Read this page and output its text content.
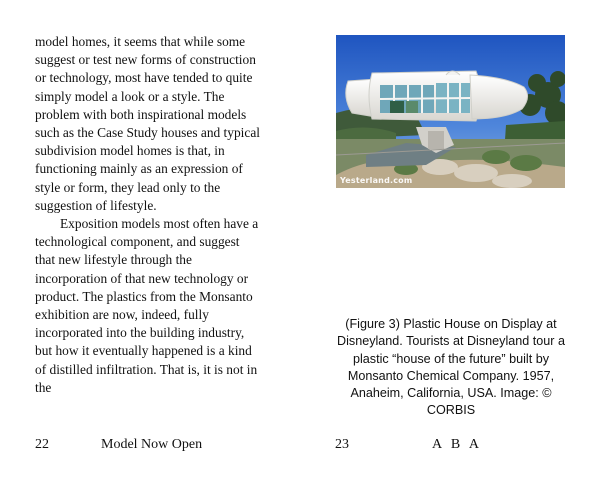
model homes, it seems that while some suggest or test new forms of construction or technology, most have tended to quite simply model a look or a style. The problem with both inspirational models such as the Case Study houses and typical subdivision model homes is that, in functioning mainly as an expression of style or form, they lead only to the suggestion of lifestyle.

Exposition models most often have a technological component, and suggest that new lifestyle through the incorporation of that new technology or product. The plastics from the Monsanto exhibition are now, indeed, fully incorporated into the building industry, but how it eventually happened is a kind of distilled infiltration. That is, it is not in the

22	Model Now Open
Yesterland.com
(Figure 3) Plastic House on Display at Disneyland. Tourists at Disneyland tour a plastic “house of the future” built by Monsanto Chemical Company. 1957, Anaheim, California, USA. Image: © CORBIS
23	A B A
